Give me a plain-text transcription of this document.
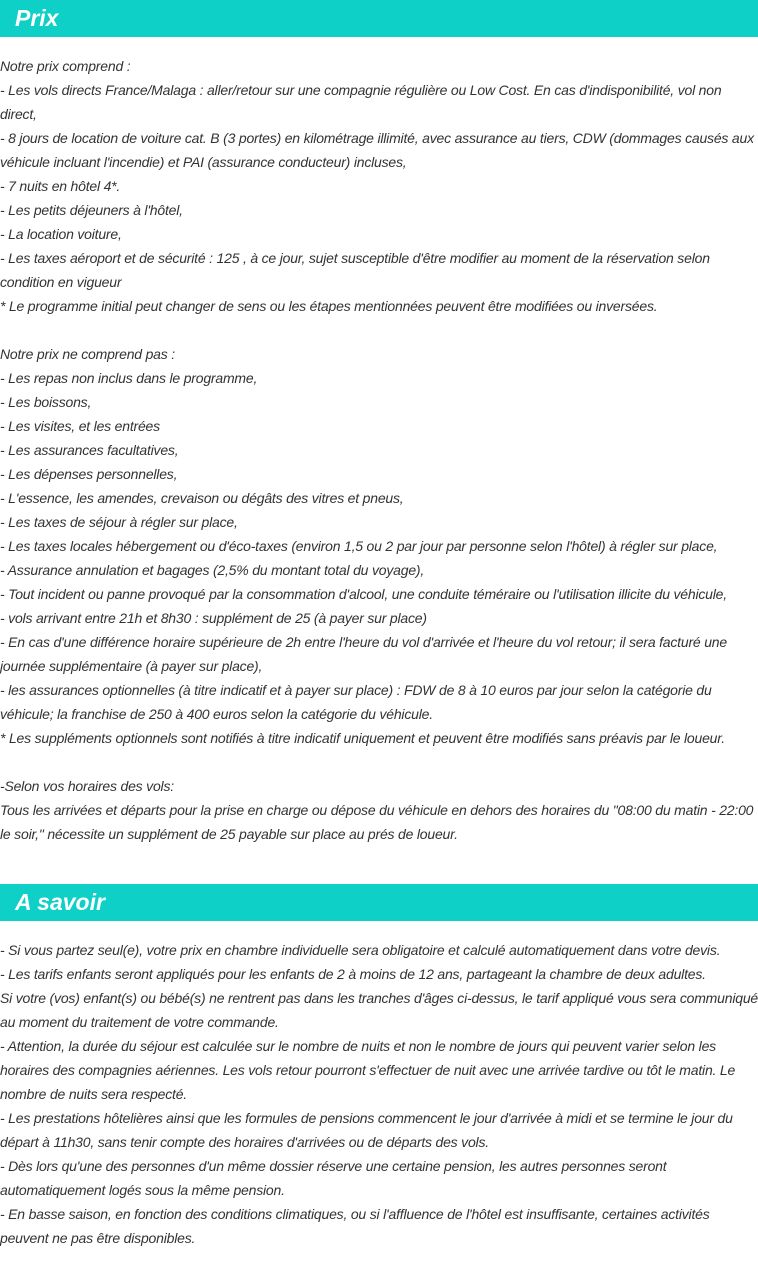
Prix
Notre prix comprend :
- Les vols directs France/Malaga : aller/retour sur une compagnie régulière ou Low Cost. En cas d'indisponibilité, vol non direct,
- 8 jours de location de voiture cat. B (3 portes) en kilométrage illimité, avec assurance au tiers, CDW (dommages causés aux véhicule incluant l'incendie) et PAI (assurance conducteur) incluses,
- 7 nuits en hôtel 4*.
- Les petits déjeuners à l'hôtel,
- La location voiture,
- Les taxes aéroport et de sécurité : 125 , à ce jour, sujet susceptible d'être modifier au moment de la réservation selon condition en vigueur
* Le programme initial peut changer de sens ou les étapes mentionnées peuvent être modifiées ou inversées.
Notre prix ne comprend pas :
- Les repas non inclus dans le programme,
- Les boissons,
- Les visites, et les entrées
- Les assurances facultatives,
- Les dépenses personnelles,
- L'essence, les amendes, crevaison ou dégâts des vitres et pneus,
- Les taxes de séjour à régler sur place,
- Les taxes locales hébergement ou d'éco-taxes (environ 1,5 ou 2 par jour par personne selon l'hôtel) à régler sur place,
- Assurance annulation et bagages (2,5% du montant total du voyage),
- Tout incident ou panne provoqué par la consommation d'alcool, une conduite téméraire ou l'utilisation illicite du véhicule,
- vols arrivant entre 21h et 8h30 : supplément de 25 (à payer sur place)
- En cas d'une différence horaire supérieure de 2h entre l'heure du vol d'arrivée et l'heure du vol retour; il sera facturé une journée supplémentaire (à payer sur place),
- les assurances optionnelles (à titre indicatif et à payer sur place) : FDW de 8 à 10 euros par jour selon la catégorie du véhicule; la franchise de 250 à 400 euros selon la catégorie du véhicule.
* Les suppléments optionnels sont notifiés à titre indicatif uniquement et peuvent être modifiés sans préavis par le loueur.
-Selon vos horaires des vols:
Tous les arrivées et départs pour la prise en charge ou dépose du véhicule en dehors des horaires du "08:00 du matin - 22:00 le soir," nécessite un supplément de 25 payable sur place au prés de loueur.
A savoir
- Si vous partez seul(e), votre prix en chambre individuelle sera obligatoire et calculé automatiquement dans votre devis.
- Les tarifs enfants seront appliqués pour les enfants de 2 à moins de 12 ans, partageant la chambre de deux adultes.
Si votre (vos) enfant(s) ou bébé(s) ne rentrent pas dans les tranches d'âges ci-dessus, le tarif appliqué vous sera communiqué au moment du traitement de votre commande.
- Attention, la durée du séjour est calculée sur le nombre de nuits et non le nombre de jours qui peuvent varier selon les horaires des compagnies aériennes. Les vols retour pourront s'effectuer de nuit avec une arrivée tardive ou tôt le matin. Le nombre de nuits sera respecté.
- Les prestations hôtelières ainsi que les formules de pensions commencent le jour d'arrivée à midi et se termine le jour du départ à 11h30, sans tenir compte des horaires d'arrivées ou de départs des vols.
- Dès lors qu'une des personnes d'un même dossier réserve une certaine pension, les autres personnes seront automatiquement logés sous la même pension.
- En basse saison, en fonction des conditions climatiques, ou si l'affluence de l'hôtel est insuffisante, certaines activités peuvent ne pas être disponibles.
